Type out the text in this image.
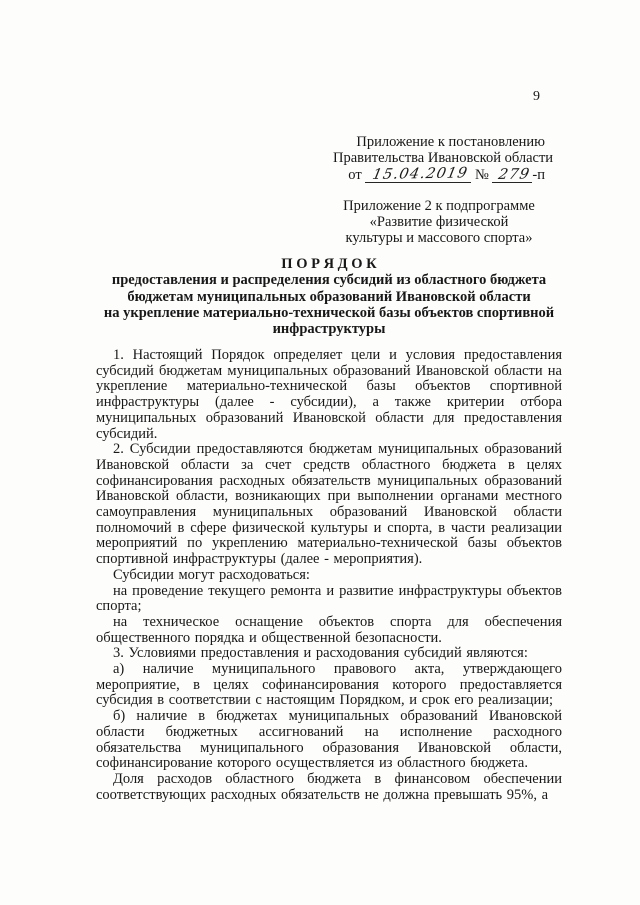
9
Приложение к постановлению
Правительства Ивановской области
от 15.04.2019 № 279-п
Приложение 2 к подпрограмме
«Развитие физической
культуры и массового спорта»
П О Р Я Д О К
предоставления и распределения субсидий из областного бюджета
бюджетам муниципальных образований Ивановской области
на укрепление материально-технической базы объектов спортивной
инфраструктуры

1. Настоящий Порядок определяет цели и условия предоставления субсидий бюджетам муниципальных образований Ивановской области на укрепление материально-технической базы объектов спортивной инфраструктуры (далее - субсидии), а также критерии отбора муниципальных образований Ивановской области для предоставления субсидий.

2. Субсидии предоставляются бюджетам муниципальных образований Ивановской области за счет средств областного бюджета в целях софинансирования расходных обязательств муниципальных образований Ивановской области, возникающих при выполнении органами местного самоуправления муниципальных образований Ивановской области полномочий в сфере физической культуры и спорта, в части реализации мероприятий по укреплению материально-технической базы объектов спортивной инфраструктуры (далее - мероприятия).

Субсидии могут расходоваться:

на проведение текущего ремонта и развитие инфраструктуры объектов спорта;

на техническое оснащение объектов спорта для обеспечения общественного порядка и общественной безопасности.

3. Условиями предоставления и расходования субсидий являются:

а) наличие муниципального правового акта, утверждающего мероприятие, в целях софинансирования которого предоставляется субсидия в соответствии с настоящим Порядком, и срок его реализации;

б) наличие в бюджетах муниципальных образований Ивановской области бюджетных ассигнований на исполнение расходного обязательства муниципального образования Ивановской области, софинансирование которого осуществляется из областного бюджета.

Доля расходов областного бюджета в финансовом обеспечении соответствующих расходных обязательств не должна превышать 95%, а
